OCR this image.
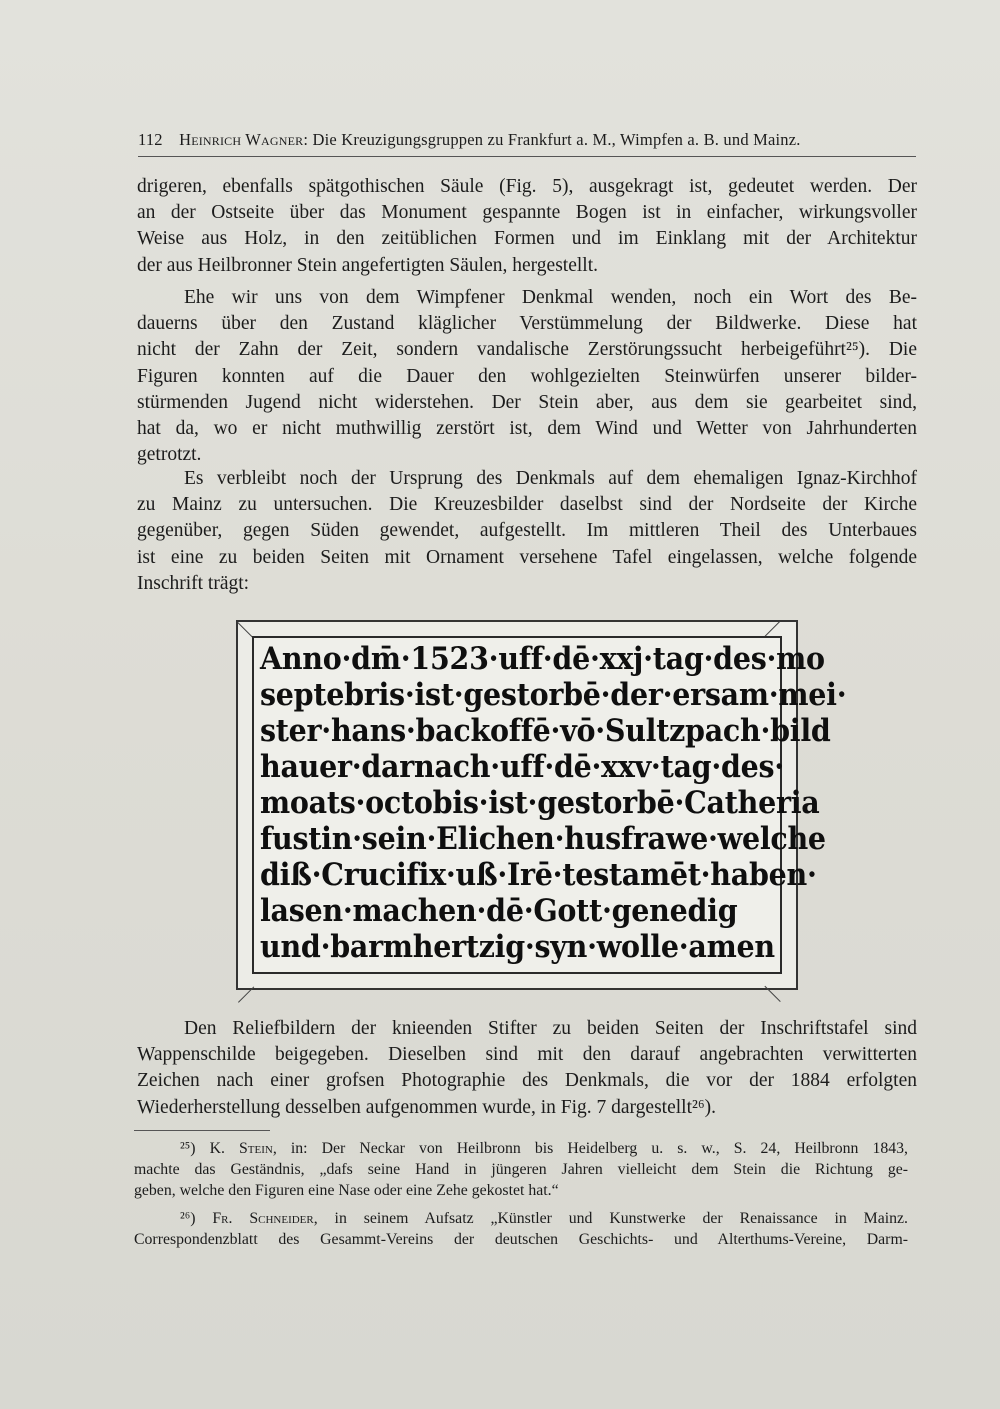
112 Heinrich Wagner: Die Kreuzigungsgruppen zu Frankfurt a. M., Wimpfen a. B. und Mainz.
drigeren, ebenfalls spätgothischen Säule (Fig. 5), ausgekragt ist, gedeutet werden. Der
an der Ostseite über das Monument gespannte Bogen ist in einfacher, wirkungsvoller
Weise aus Holz, in den zeitüblichen Formen und im Einklang mit der Architektur
der aus Heilbronner Stein angefertigten Säulen, hergestellt.
Ehe wir uns von dem Wimpfener Denkmal wenden, noch ein Wort des Be-
dauerns über den Zustand kläglicher Verstümmelung der Bildwerke. Diese hat
nicht der Zahn der Zeit, sondern vandalische Zerstörungssucht herbeigeführt²⁵). Die
Figuren konnten auf die Dauer den wohlgezielten Steinwürfen unserer bilder-
stürmenden Jugend nicht widerstehen. Der Stein aber, aus dem sie gearbeitet sind,
hat da, wo er nicht muthwillig zerstört ist, dem Wind und Wetter von Jahrhunderten
getrotzt.
Es verbleibt noch der Ursprung des Denkmals auf dem ehemaligen Ignaz-Kirchhof
zu Mainz zu untersuchen. Die Kreuzesbilder daselbst sind der Nordseite der Kirche
gegenüber, gegen Süden gewendet, aufgestellt. Im mittleren Theil des Unterbaues
ist eine zu beiden Seiten mit Ornament versehene Tafel eingelassen, welche folgende
Inschrift trägt:
Anno·dm̄·1523·uff·dē·xxj·tag·des·mo
septebris·ist·gestorbē·der·ersam·mei·
ster·hans·backoffē·vō·Sultzpach·bild
hauer·darnach·uff·dē·xxv·tag·des·
moats·octobis·ist·gestorbē·Catheria
fustin·sein·Elichen·husfrawe·welche
diß·Crucifix·uß·Irē·testamēt·haben·
lasen·machen·dē·Gott·genedig
und·barmhertzig·syn·wolle·amen
Den Reliefbildern der knieenden Stifter zu beiden Seiten der Inschriftstafel sind
Wappenschilde beigegeben. Dieselben sind mit den darauf angebrachten verwitterten
Zeichen nach einer grofsen Photographie des Denkmals, die vor der 1884 erfolgten
Wiederherstellung desselben aufgenommen wurde, in Fig. 7 dargestellt²⁶).
²⁵) K. Stein, in: Der Neckar von Heilbronn bis Heidelberg u. s. w., S. 24, Heilbronn 1843,
machte das Geständnis, „dafs seine Hand in jüngeren Jahren vielleicht dem Stein die Richtung ge-
geben, welche den Figuren eine Nase oder eine Zehe gekostet hat.“
²⁶) Fr. Schneider, in seinem Aufsatz „Künstler und Kunstwerke der Renaissance in Mainz.
Correspondenzblatt des Gesammt-Vereins der deutschen Geschichts- und Alterthums-Vereine, Darm-
